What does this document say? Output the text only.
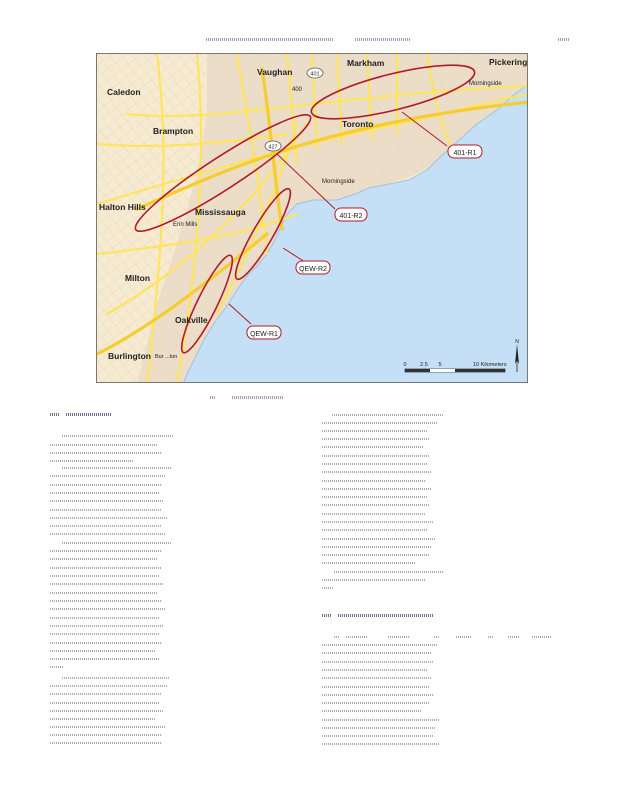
401-R1
401-R2
QEW-R2
QEW-R1
401
400
427
Caledon
Vaughan
Markham	Pickering
Brampton
Toronto
Halton Hills	Mississauga
Milton
Oakville
Burlington
Morningside
Morningside
Erin Mills
Bur ...ton
0 2.5 5	10 Kilometers
N
